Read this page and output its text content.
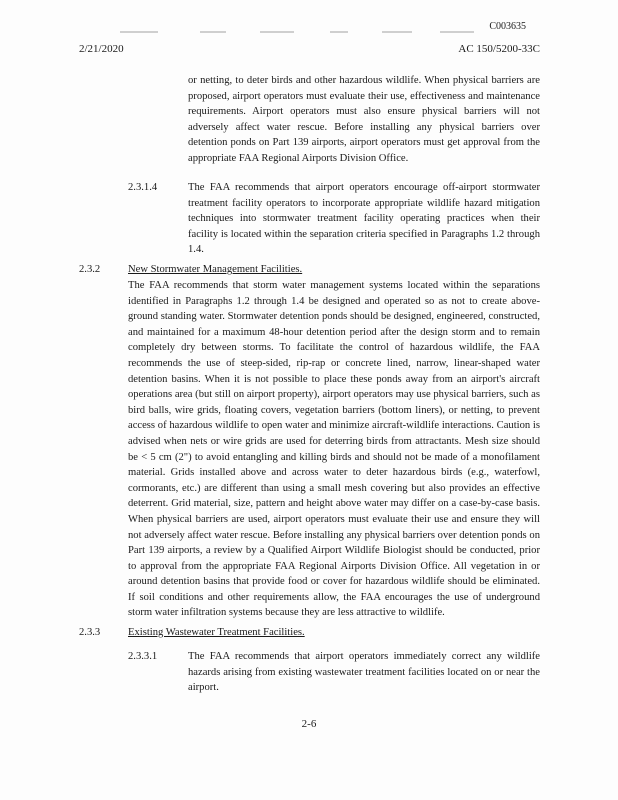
C003635
2/21/2020	AC 150/5200-33C
or netting, to deter birds and other hazardous wildlife. When physical barriers are proposed, airport operators must evaluate their use, effectiveness and maintenance requirements. Airport operators must also ensure physical barriers will not adversely affect water rescue. Before installing any physical barriers over detention ponds on Part 139 airports, airport operators must get approval from the appropriate FAA Regional Airports Division Office.
2.3.1.4	The FAA recommends that airport operators encourage off-airport stormwater treatment facility operators to incorporate appropriate wildlife hazard mitigation techniques into stormwater treatment facility operating practices when their facility is located within the separation criteria specified in Paragraphs 1.2 through 1.4.
2.3.2	New Stormwater Management Facilities.
The FAA recommends that storm water management systems located within the separations identified in Paragraphs 1.2 through 1.4 be designed and operated so as not to create above-ground standing water. Stormwater detention ponds should be designed, engineered, constructed, and maintained for a maximum 48-hour detention period after the design storm and to remain completely dry between storms. To facilitate the control of hazardous wildlife, the FAA recommends the use of steep-sided, rip-rap or concrete lined, narrow, linear-shaped water detention basins. When it is not possible to place these ponds away from an airport's aircraft operations area (but still on airport property), airport operators may use physical barriers, such as bird balls, wire grids, floating covers, vegetation barriers (bottom liners), or netting, to prevent access of hazardous wildlife to open water and minimize aircraft-wildlife interactions. Caution is advised when nets or wire grids are used for deterring birds from attractants. Mesh size should be < 5 cm (2") to avoid entangling and killing birds and should not be made of a monofilament material. Grids installed above and across water to deter hazardous birds (e.g., waterfowl, cormorants, etc.) are different than using a small mesh covering but also provides an effective deterrent. Grid material, size, pattern and height above water may differ on a case-by-case basis. When physical barriers are used, airport operators must evaluate their use and ensure they will not adversely affect water rescue. Before installing any physical barriers over detention ponds on Part 139 airports, a review by a Qualified Airport Wildlife Biologist should be conducted, prior to approval from the appropriate FAA Regional Airports Division Office. All vegetation in or around detention basins that provide food or cover for hazardous wildlife should be eliminated. If soil conditions and other requirements allow, the FAA encourages the use of underground storm water infiltration systems because they are less attractive to wildlife.
2.3.3	Existing Wastewater Treatment Facilities.
2.3.3.1	The FAA recommends that airport operators immediately correct any wildlife hazards arising from existing wastewater treatment facilities located on or near the airport.
2-6
